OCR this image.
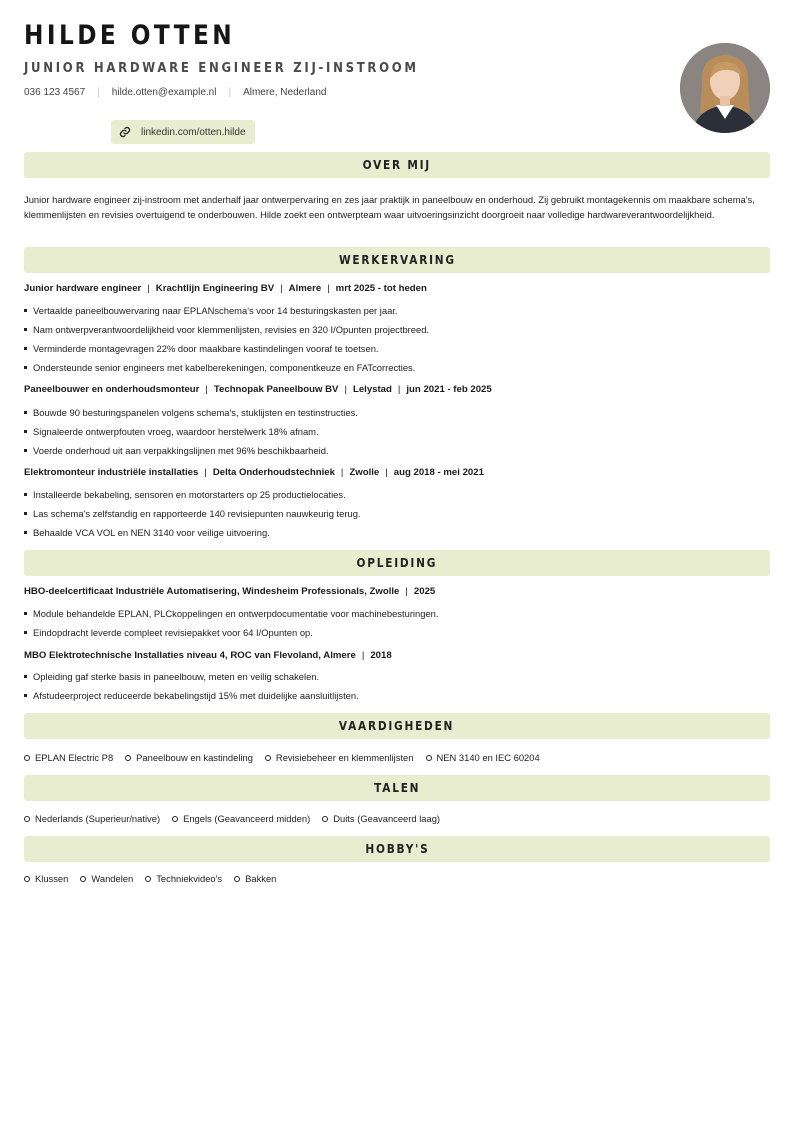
HILDE OTTEN
JUNIOR HARDWARE ENGINEER ZIJ-INSTROOM
036 123 4567 | hilde.otten@example.nl | Almere, Nederland
linkedin.com/otten.hilde
OVER MIJ

Junior hardware engineer zij-instroom met anderhalf jaar ontwerpervaring en zes jaar praktijk in paneelbouw en onderhoud. Zij gebruikt montagekennis om maakbare schema's, klemmenlijsten en revisies overtuigend te onderbouwen. Hilde zoekt een ontwerpteam waar uitvoeringsinzicht doorgroeit naar volledige hardwareverantwoordelijkheid.

WERKERVARING
Junior hardware engineer | Krachtlijn Engineering BV | Almere | mrt 2025 - tot heden
Vertaalde paneelbouwervaring naar EPLANschema's voor 14 besturingskasten per jaar.
Nam ontwerpverantwoordelijkheid voor klemmenlijsten, revisies en 320 I/Opunten projectbreed.
Verminderde montagevragen 22% door maakbare kastindelingen vooraf te toetsen.
Ondersteunde senior engineers met kabelberekeningen, componentkeuze en FATcorrecties.
Paneelbouwer en onderhoudsmonteur | Technopak Paneelbouw BV | Lelystad | jun 2021 - feb 2025
Bouwde 90 besturingspanelen volgens schema's, stuklijsten en testinstructies.
Signaleerde ontwerpfouten vroeg, waardoor herstelwerk 18% afnam.
Voerde onderhoud uit aan verpakkingslijnen met 96% beschikbaarheid.
Elektromonteur industriële installaties | Delta Onderhoudstechniek | Zwolle | aug 2018 - mei 2021
Installeerde bekabeling, sensoren en motorstarters op 25 productielocaties.
Las schema's zelfstandig en rapporteerde 140 revisiepunten nauwkeurig terug.
Behaalde VCA VOL en NEN 3140 voor veilige uitvoering.
OPLEIDING
HBO-deelcertificaat Industriële Automatisering, Windesheim Professionals, Zwolle | 2025
Module behandelde EPLAN, PLCkoppelingen en ontwerpdocumentatie voor machinebesturingen.
Eindopdracht leverde compleet revisiepakket voor 64 I/Opunten op.
MBO Elektrotechnische Installaties niveau 4, ROC van Flevoland, Almere | 2018
Opleiding gaf sterke basis in paneelbouw, meten en veilig schakelen.
Afstudeerproject reduceerde bekabelingstijd 15% met duidelijke aansluitlijsten.
VAARDIGHEDEN
EPLAN Electric P8 Paneelbouw en kastindeling Revisiebeheer en klemmenlijsten NEN 3140 en IEC 60204
TALEN
Nederlands (Superieur/native) Engels (Geavanceerd midden) Duits (Geavanceerd laag)
HOBBY'S
Klussen Wandelen Techniekvideo's Bakken
